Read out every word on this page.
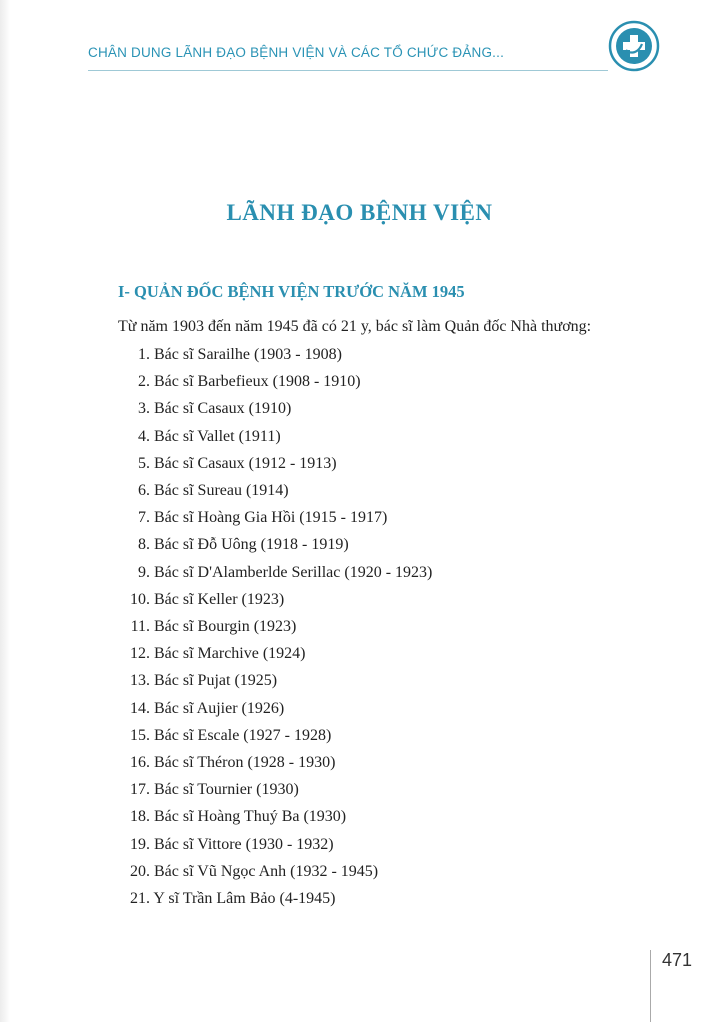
CHÂN DUNG LÃNH ĐẠO BỆNH VIỆN VÀ CÁC TỔ CHỨC ĐẢNG...
LÃNH ĐẠO BỆNH VIỆN
I- QUẢN ĐỐC BỆNH VIỆN TRƯỚC NĂM 1945
Từ năm 1903 đến năm 1945 đã có 21 y, bác sĩ làm Quản đốc Nhà thương:
1. Bác sĩ Sarailhe (1903 - 1908)
2. Bác sĩ Barbefieux (1908 - 1910)
3. Bác sĩ Casaux (1910)
4. Bác sĩ Vallet (1911)
5. Bác sĩ Casaux (1912 - 1913)
6. Bác sĩ Sureau (1914)
7. Bác sĩ Hoàng Gia Hồi (1915 - 1917)
8. Bác sĩ Đỗ Uông (1918 - 1919)
9. Bác sĩ D'Alamberlde Serillac (1920 - 1923)
10. Bác sĩ Keller (1923)
11. Bác sĩ Bourgin (1923)
12. Bác sĩ Marchive (1924)
13. Bác sĩ Pujat (1925)
14. Bác sĩ Aujier (1926)
15. Bác sĩ Escale (1927 - 1928)
16. Bác sĩ Théron (1928 - 1930)
17. Bác sĩ Tournier (1930)
18. Bác sĩ Hoàng Thuý Ba (1930)
19. Bác sĩ Vittore (1930 - 1932)
20. Bác sĩ Vũ Ngọc Anh (1932 - 1945)
21. Y sĩ Trần Lâm Bảo (4-1945)
471
